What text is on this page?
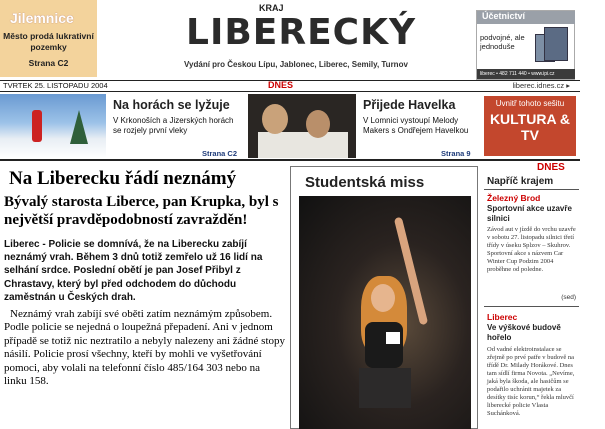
Jilemnice
Město prodá lukrativní pozemky
Strana C2
KRAJ
LIBERECKÝ
Vydání pro Českou Lípu, Jablonec, Liberec, Semily, Turnov
Účetnictví
podvojné, ale jednoduše
liberec • 482 711 440 • www.ipi.cz
TVRTEK 25. LISTOPADU 2004	liberec.idnes.cz ▸
DNES
Na horách se lyžuje
V Krkonoších a Jizerských horách se rozjely první vleky
Strana C2
Přijede Havelka
V Lomnici vystoupí Melody Makers s Ondřejem Havelkou
Strana 9
Uvnitř tohoto sešitu
KULTURA & TV
Na Liberecku řádí neznámý
Bývalý starosta Liberce, pan Krupka, byl s největší pravděpodobností zavražděn!

Liberec - Policie se domnívá, že na Liberecku zabíjí neznámý vrah. Během 3 dnů totiž zemřelo už 16 lidí na selhání srdce. Poslední obětí je pan Josef Přibyl z Chrastavy, který byl před odchodem do důchodu zaměstnán u Českých drah.

Neznámý vrah zabíjí své oběti zatím neznámým způsobem. Podle policie se nejedná o loupežná přepadení. Ani v jednom případě se totiž nic neztratilo a nebyly nalezeny ani žádné stopy násilí. Policie prosí všechny, kteří by mohli ve vyšetřování pomoci, aby volali na telefonní číslo 485/164 303 nebo na linku 158.

Studentská miss
DNES
Napříč krajem
Železný Brod
Sportovní akce uzavře silnici
Závod aut v jízdě do vrchu uzavře v sobotu 27. listopadu silnici třetí třídy v úseku Splzov – Skuhrov. Sportovní akce s názvem Car Winter Cup Podzim 2004 proběhne od poledne.
(sed)
Liberec
Ve výškové budově hořelo
Od vadné elektroinstalace se zřejmě po prvé patře v budově na třídě Dr. Milady Horákové. Dnes tam sídlí firma Novota. „Nevíme, jaká byla škoda, ale hasičům se podařilo uchránit majetek za desítky tisíc korun,“ řekla mluvčí liberecké policie Vlasta Suchánková.
